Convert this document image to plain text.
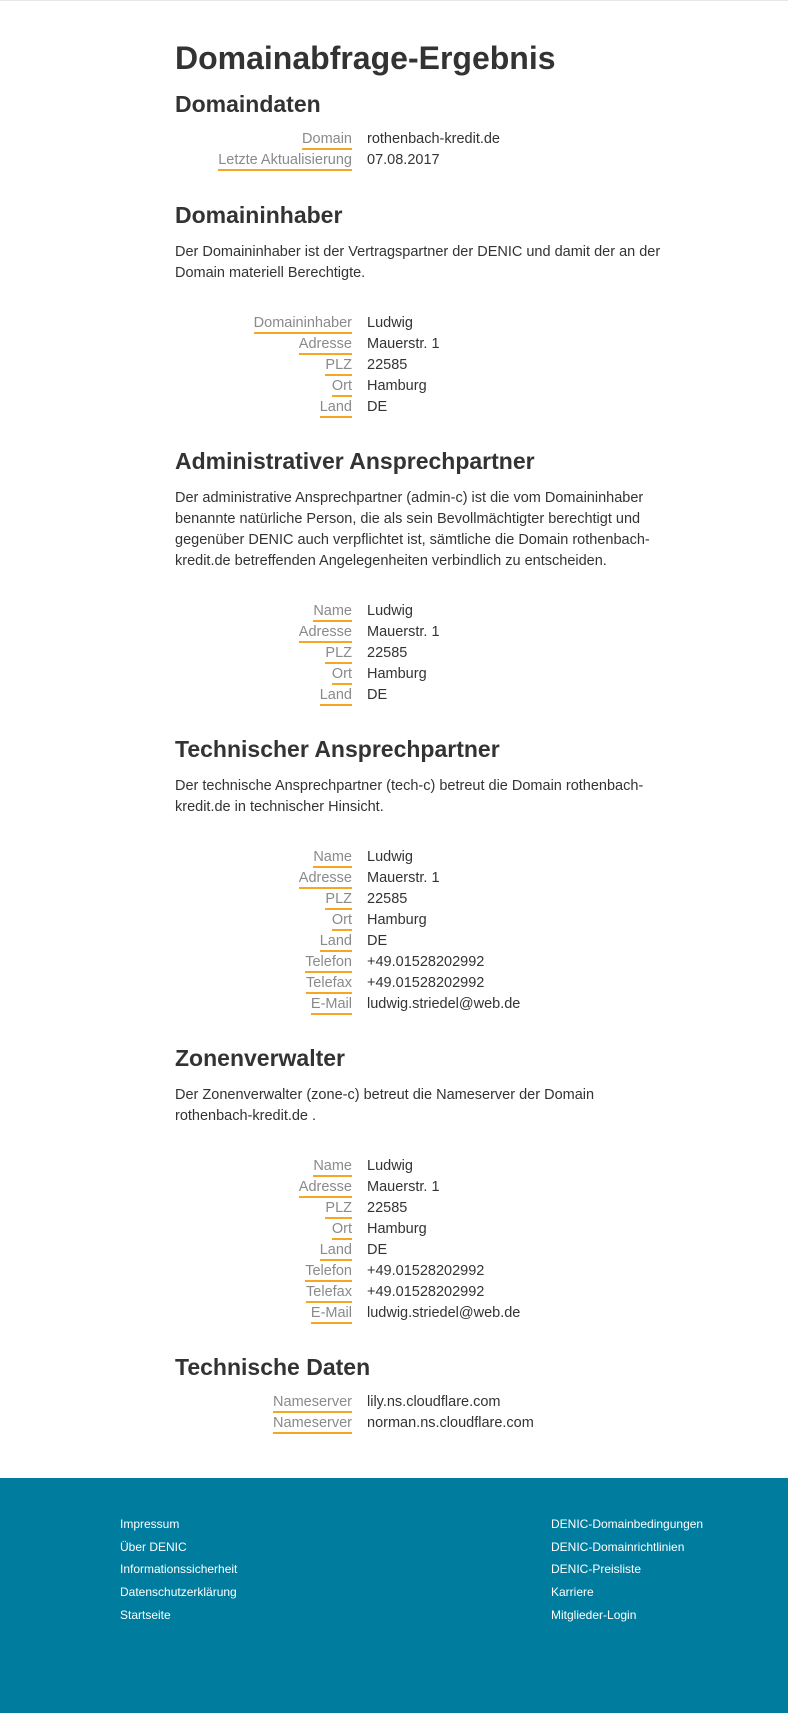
Domainabfrage-Ergebnis
Domaindaten
Domain rothenbach-kredit.de
Letzte Aktualisierung 07.08.2017
Domaininhaber

Der Domaininhaber ist der Vertragspartner der DENIC und damit der an der Domain materiell Berechtigte.

Domaininhaber Ludwig
Adresse Mauerstr. 1
PLZ 22585
Ort Hamburg
Land DE
Administrativer Ansprechpartner

Der administrative Ansprechpartner (admin-c) ist die vom Domaininhaber benannte natürliche Person, die als sein Bevollmächtigter berechtigt und gegenüber DENIC auch verpflichtet ist, sämtliche die Domain rothenbach-kredit.de betreffenden Angelegenheiten verbindlich zu entscheiden.

Name Ludwig
Adresse Mauerstr. 1
PLZ 22585
Ort Hamburg
Land DE
Technischer Ansprechpartner

Der technische Ansprechpartner (tech-c) betreut die Domain rothenbach-kredit.de in technischer Hinsicht.

Name Ludwig
Adresse Mauerstr. 1
PLZ 22585
Ort Hamburg
Land DE
Telefon +49.01528202992
Telefax +49.01528202992
E-Mail ludwig.striedel@web.de
Zonenverwalter

Der Zonenverwalter (zone-c) betreut die Nameserver der Domain rothenbach-kredit.de .

Name Ludwig
Adresse Mauerstr. 1
PLZ 22585
Ort Hamburg
Land DE
Telefon +49.01528202992
Telefax +49.01528202992
E-Mail ludwig.striedel@web.de
Technische Daten
Nameserver lily.ns.cloudflare.com
Nameserver norman.ns.cloudflare.com
Impressum
Über DENIC
Informationssicherheit
Datenschutzerklärung
Startseite
DENIC-Domainbedingungen
DENIC-Domainrichtlinien
DENIC-Preisliste
Karriere
Mitglieder-Login
